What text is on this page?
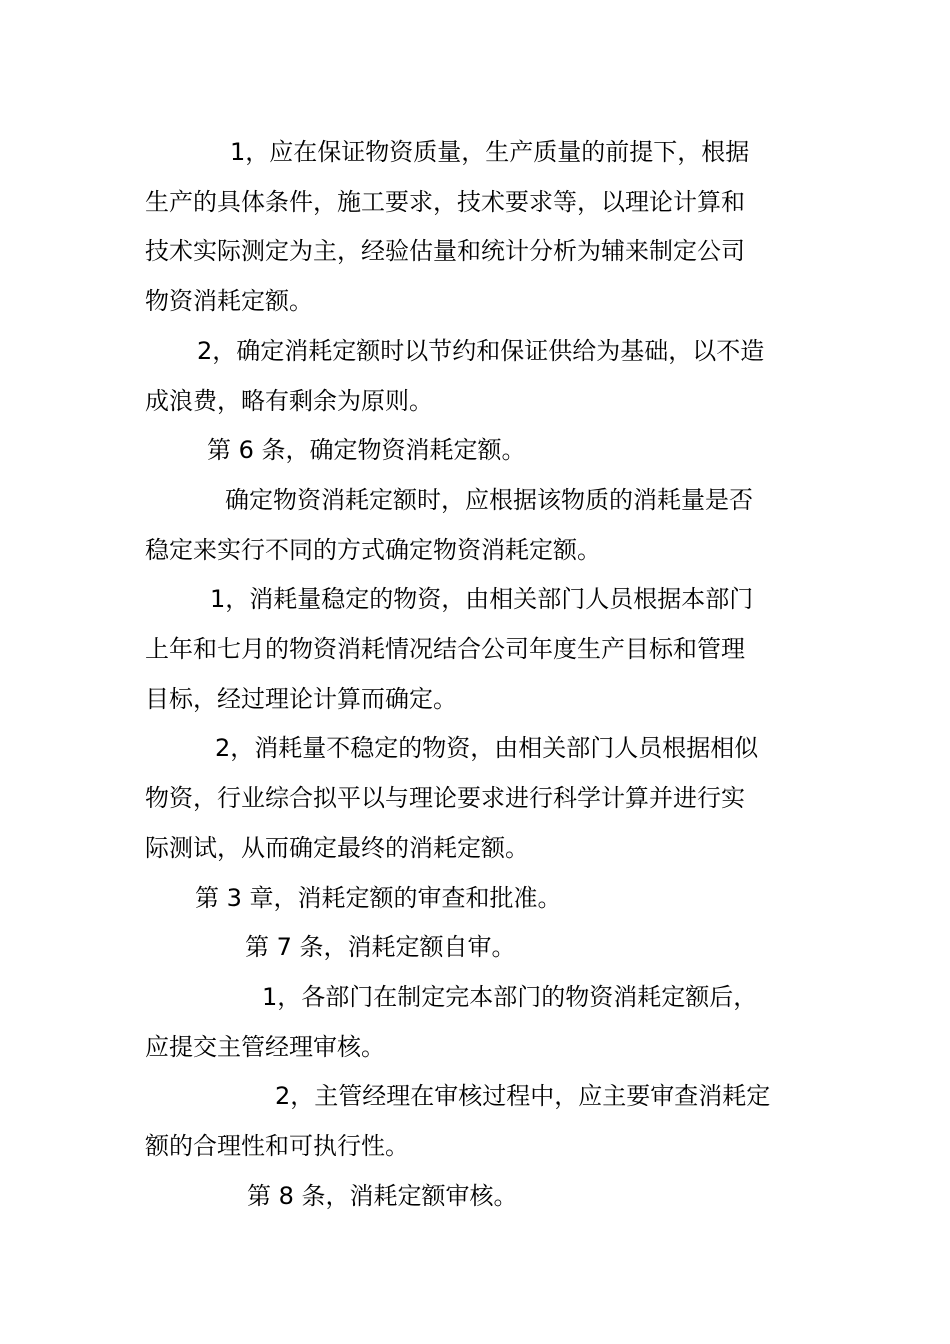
1，应在保证物资质量，生产质量的前提下，根据
生产的具体条件，施工要求，技术要求等，以理论计算和
技术实际测定为主，经验估量和统计分析为辅来制定公司
物资消耗定额。

2，确定消耗定额时以节约和保证供给为基础，以不造
成浪费，略有剩余为原则。

第 6 条，确定物资消耗定额。

确定物资消耗定额时，应根据该物质的消耗量是否
稳定来实行不同的方式确定物资消耗定额。

1，消耗量稳定的物资，由相关部门人员根据本部门
上年和七月的物资消耗情况结合公司年度生产目标和管理
目标，经过理论计算而确定。

2，消耗量不稳定的物资，由相关部门人员根据相似
物资，行业综合拟平以与理论要求进行科学计算并进行实
际测试，从而确定最终的消耗定额。

第 3 章，消耗定额的审查和批准。

第 7 条，消耗定额自审。

1，各部门在制定完本部门的物资消耗定额后，
应提交主管经理审核。

2，主管经理在审核过程中，应主要审查消耗定
额的合理性和可执行性。

第 8 条，消耗定额审核。
